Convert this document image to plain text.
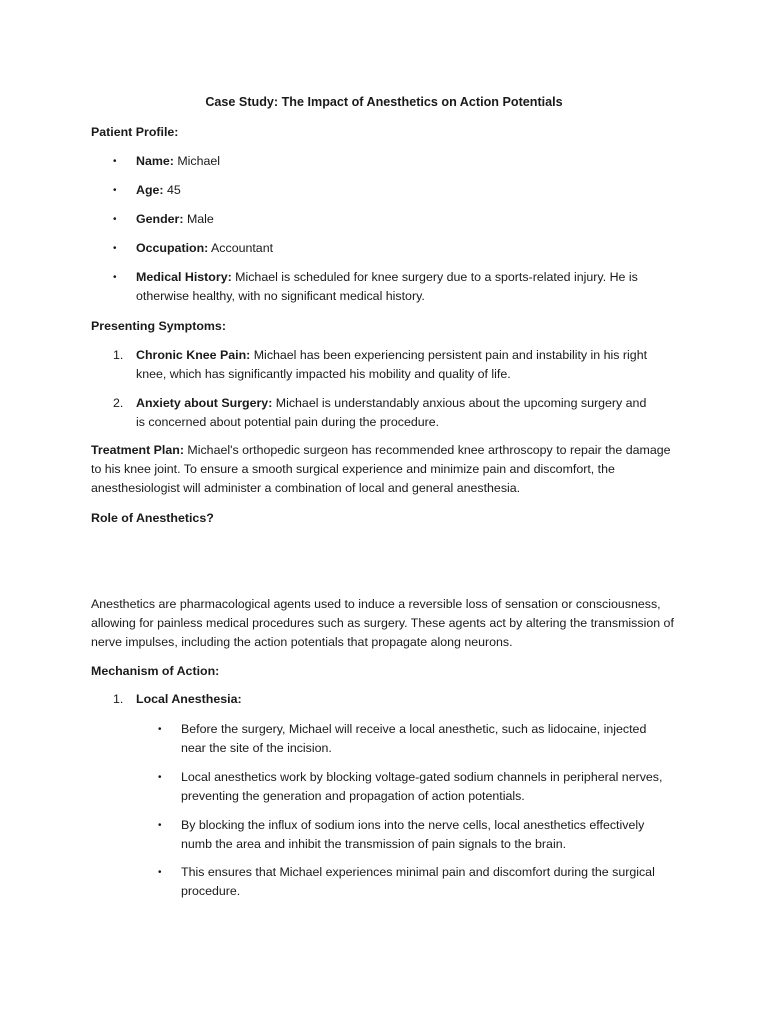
Case Study: The Impact of Anesthetics on Action Potentials

Patient Profile:

• Name: Michael

• Age: 45

• Gender: Male

• Occupation: Accountant

• Medical History: Michael is scheduled for knee surgery due to a sports-related injury. He is otherwise healthy, with no significant medical history.

Presenting Symptoms:

1. Chronic Knee Pain: Michael has been experiencing persistent pain and instability in his right knee, which has significantly impacted his mobility and quality of life.

2. Anxiety about Surgery: Michael is understandably anxious about the upcoming surgery and is concerned about potential pain during the procedure.

Treatment Plan: Michael's orthopedic surgeon has recommended knee arthroscopy to repair the damage to his knee joint. To ensure a smooth surgical experience and minimize pain and discomfort, the anesthesiologist will administer a combination of local and general anesthesia.

Role of Anesthetics?

Anesthetics are pharmacological agents used to induce a reversible loss of sensation or consciousness, allowing for painless medical procedures such as surgery. These agents act by altering the transmission of nerve impulses, including the action potentials that propagate along neurons.

Mechanism of Action:

1. Local Anesthesia:

• Before the surgery, Michael will receive a local anesthetic, such as lidocaine, injected near the site of the incision.

• Local anesthetics work by blocking voltage-gated sodium channels in peripheral nerves, preventing the generation and propagation of action potentials.

• By blocking the influx of sodium ions into the nerve cells, local anesthetics effectively numb the area and inhibit the transmission of pain signals to the brain.

• This ensures that Michael experiences minimal pain and discomfort during the surgical procedure.
